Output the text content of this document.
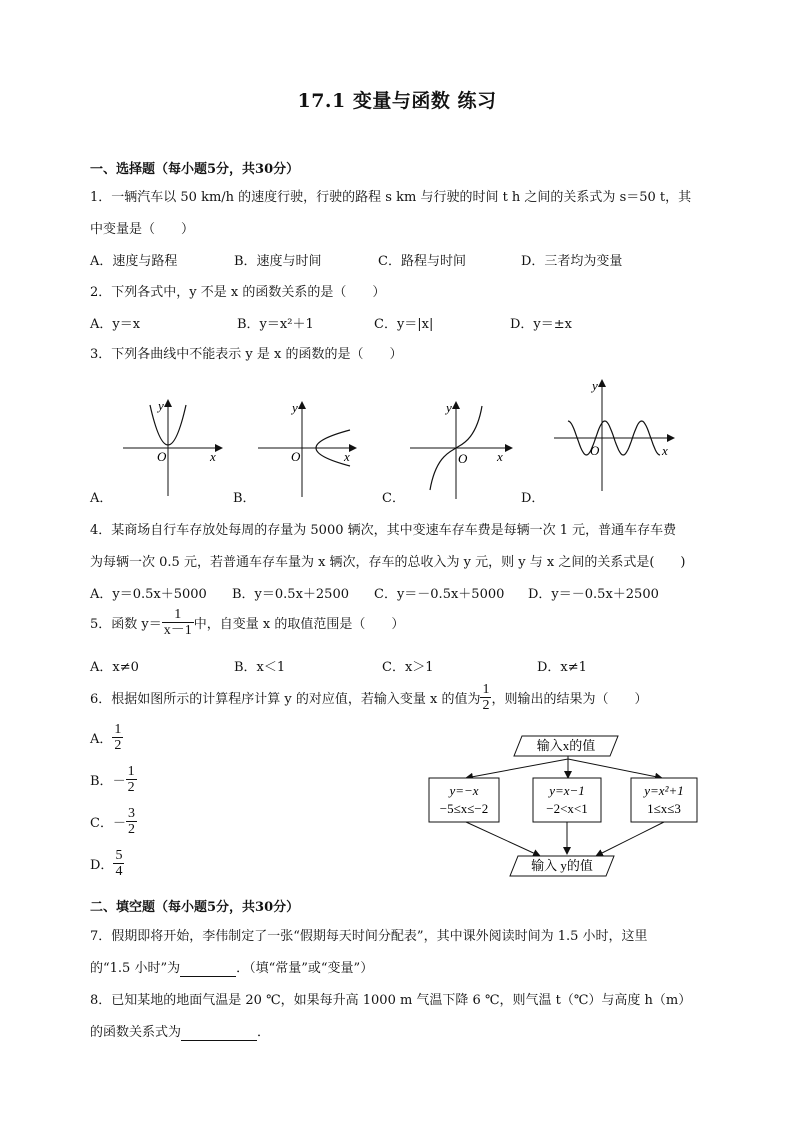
17.1 变量与函数 练习
一、选择题（每小题5分，共30分）
1．一辆汽车以 50 km/h 的速度行驶，行驶的路程 s km 与行驶的时间 t h 之间的关系式为 s＝50 t，其
中变量是（　　）
A．速度与路程	B．速度与时间	C．路程与时间	D．三者均为变量
2．下列各式中，y 不是 x 的函数关系的是（　　）
A．y＝x	B．y＝x²＋1	C．y＝|x|	D．y＝±x
3．下列各曲线中不能表示 y 是 x 的函数的是（　　）
y
x
O
y
x
O
y
x
O
y
x
O
输入x的值
y=−x
−5≤x≤−2
y=x−1
−2<x<1
y=x²+1
1≤x≤3
输入 y的值
A．	B．	C．	D．
4．某商场自行车存放处每周的存量为 5000 辆次，其中变速车存车费是每辆一次 1 元，普通车存车费
为每辆一次 0.5 元，若普通车存车量为 x 辆次，存车的总收入为 y 元，则 y 与 x 之间的关系式是(　　)
A．y＝0.5x＋5000 B．y＝0.5x＋2500 C．y＝－0.5x＋5000 D．y＝－0.5x＋2500
5．函数 $y= \frac{1}{x-1}$ 中，自变量 x 的取值范围是（　　）
A．x≠0	B．x＜1	C．x＞1	D．x≠1
6．根据如图所示的计算程序计算 y 的对应值，若输入变量 x 的值为 $\frac{1}{2}$ ，则输出的结果为（　　）
A． $\frac{1}{2}$
B． － $\frac{1}{2}$
C． － $\frac{3}{2}$
D． $\frac{5}{4}$
二、填空题（每小题5分，共30分）
7．假期即将开始，李伟制定了一张“假期每天时间分配表”，其中课外阅读时间为 1.5 小时，这里
的“1.5 小时”为	．（填“常量”或“变量”）
8．已知某地的地面气温是 20 ℃，如果每升高 1000 m 气温下降 6 ℃，则气温 t（℃）与高度 h（m）
的函数关系式为	．
